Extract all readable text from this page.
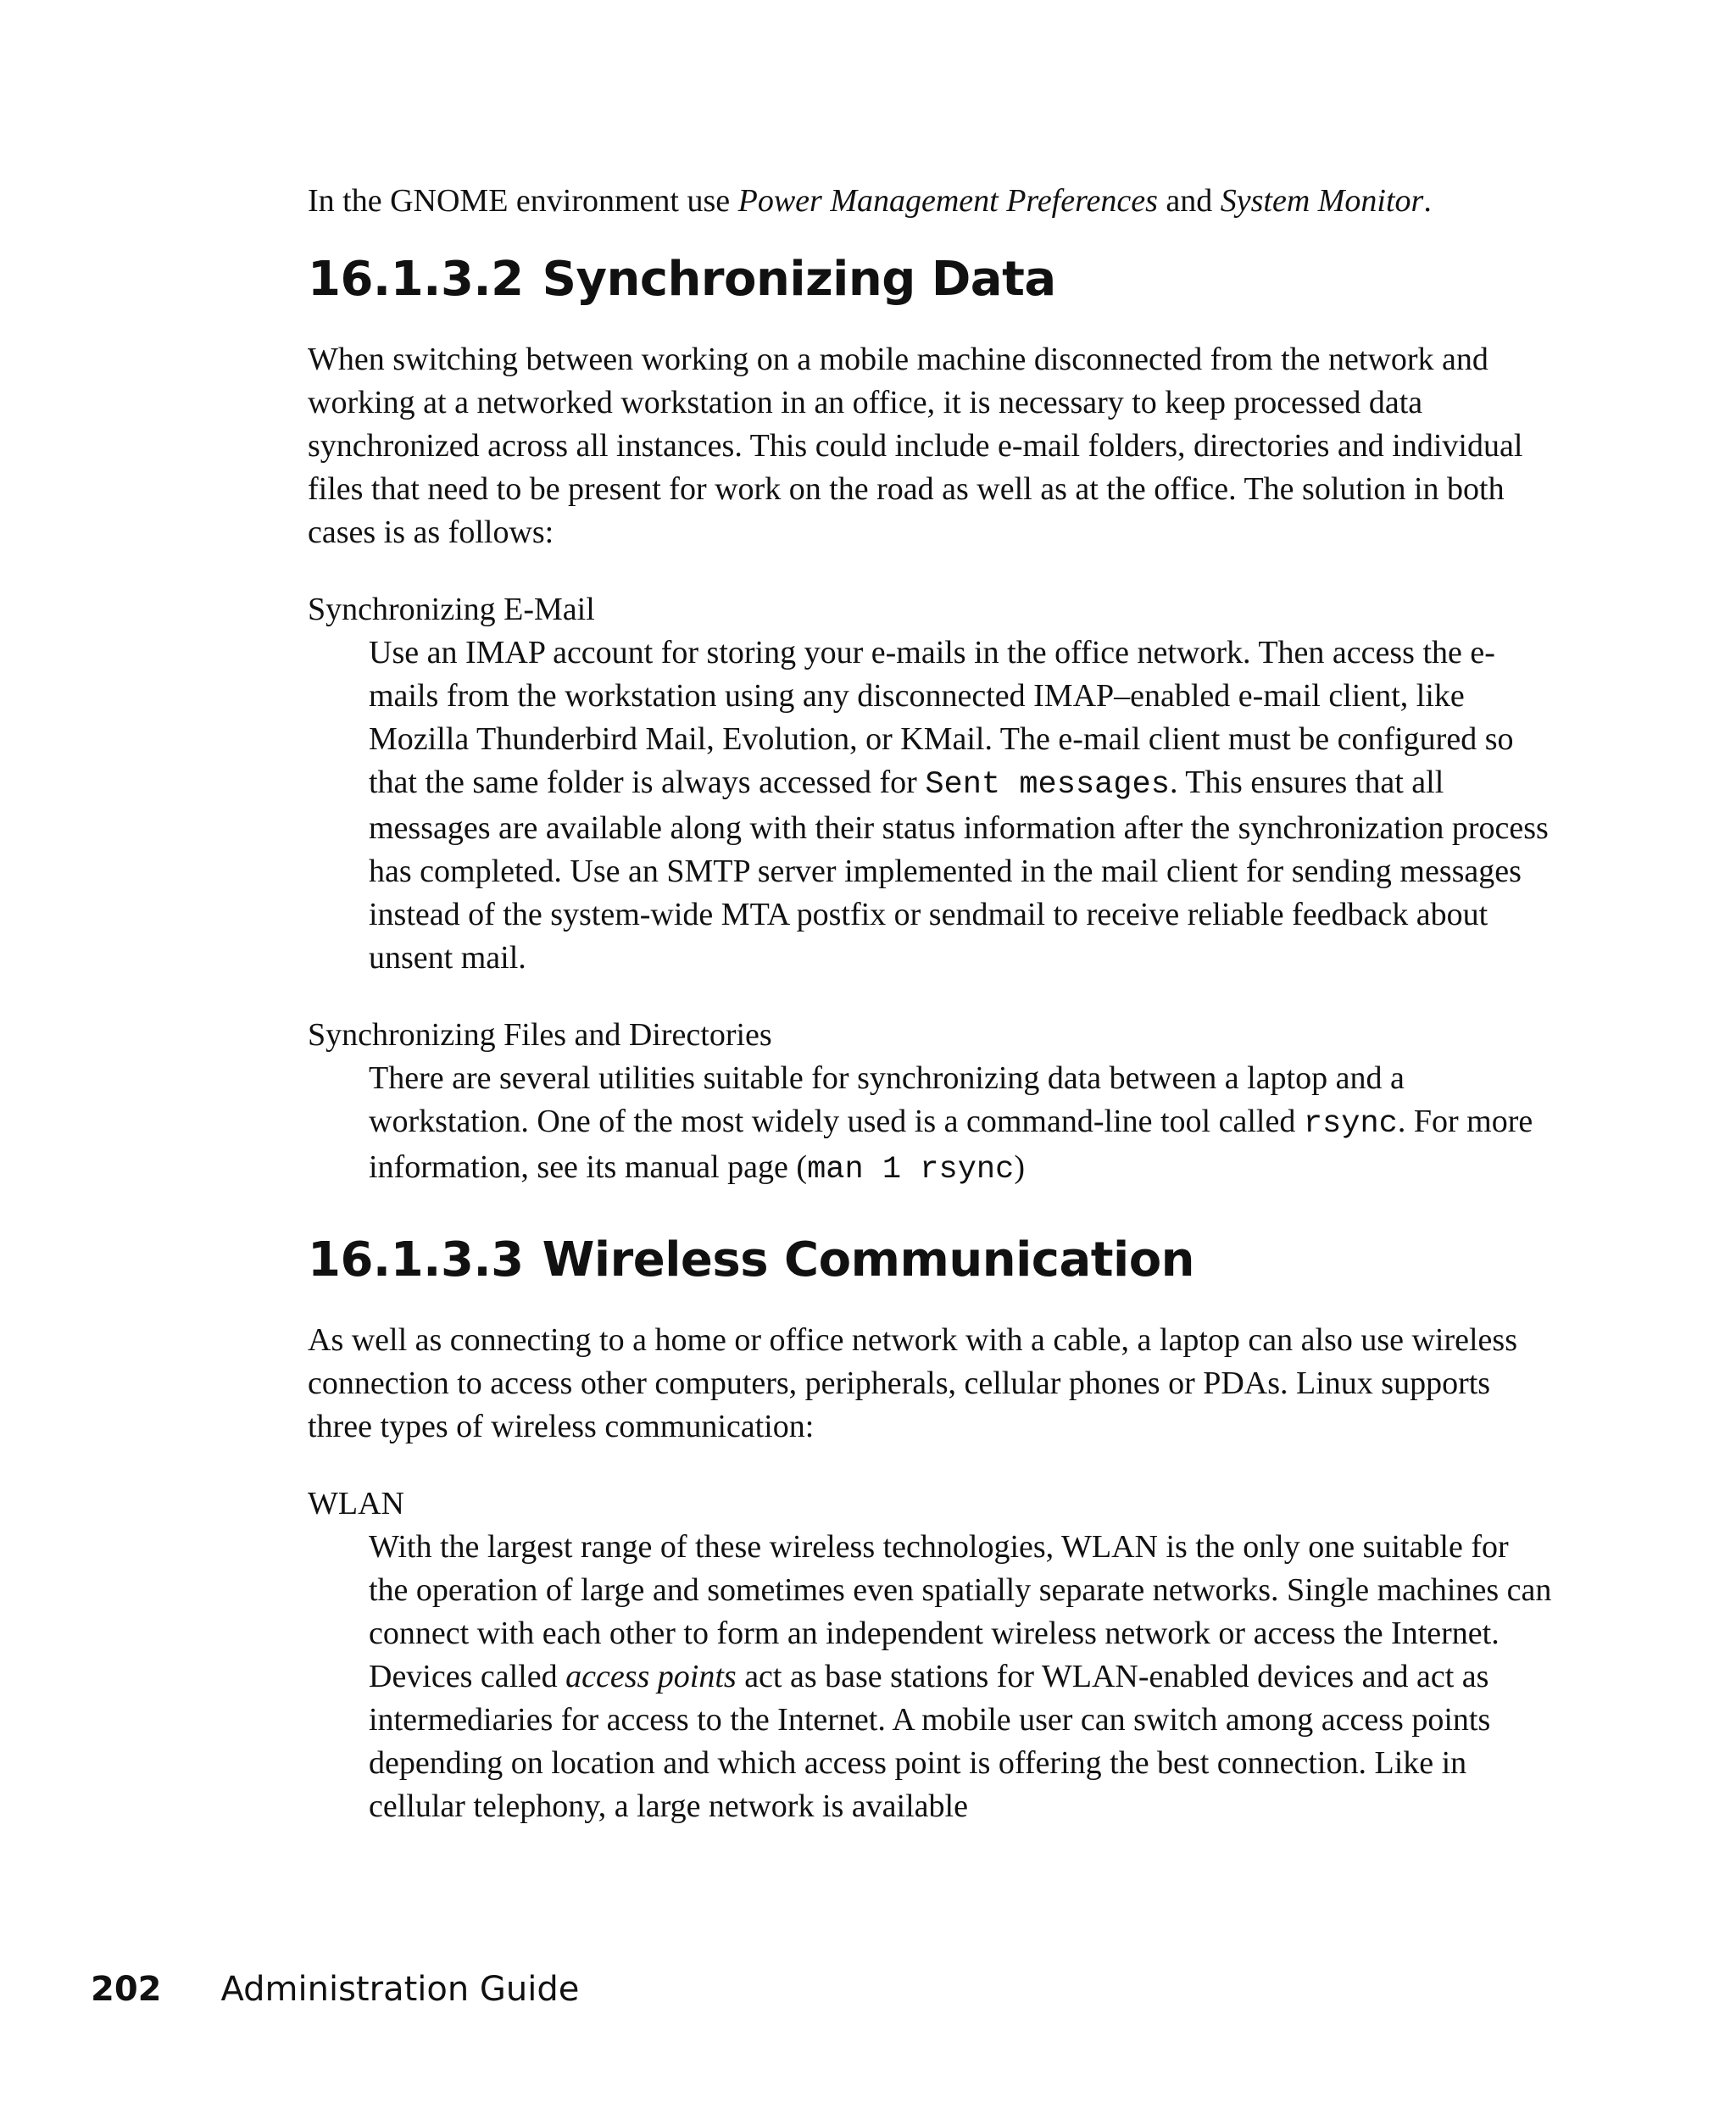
In the GNOME environment use Power Management Preferences and System Monitor.

16.1.3.2 Synchronizing Data

When switching between working on a mobile machine disconnected from the network and working at a networked workstation in an office, it is necessary to keep processed data synchronized across all instances. This could include e-mail folders, directories and individual files that need to be present for work on the road as well as at the office. The solution in both cases is as follows:

Synchronizing E-Mail

Use an IMAP account for storing your e-mails in the office network. Then access the e-mails from the workstation using any disconnected IMAP–enabled e-mail client, like Mozilla Thunderbird Mail, Evolution, or KMail. The e-mail client must be configured so that the same folder is always accessed for Sent messages. This ensures that all messages are available along with their status information after the synchronization process has completed. Use an SMTP server implemented in the mail client for sending messages instead of the system-wide MTA postfix or sendmail to receive reliable feedback about unsent mail.

Synchronizing Files and Directories

There are several utilities suitable for synchronizing data between a laptop and a workstation. One of the most widely used is a command-line tool called rsync. For more information, see its manual page (man 1 rsync)

16.1.3.3 Wireless Communication

As well as connecting to a home or office network with a cable, a laptop can also use wireless connection to access other computers, peripherals, cellular phones or PDAs. Linux supports three types of wireless communication:

WLAN

With the largest range of these wireless technologies, WLAN is the only one suitable for the operation of large and sometimes even spatially separate networks. Single machines can connect with each other to form an independent wireless network or access the Internet. Devices called access points act as base stations for WLAN-enabled devices and act as intermediaries for access to the Internet. A mobile user can switch among access points depending on location and which access point is offering the best connection. Like in cellular telephony, a large network is available

202 Administration Guide
